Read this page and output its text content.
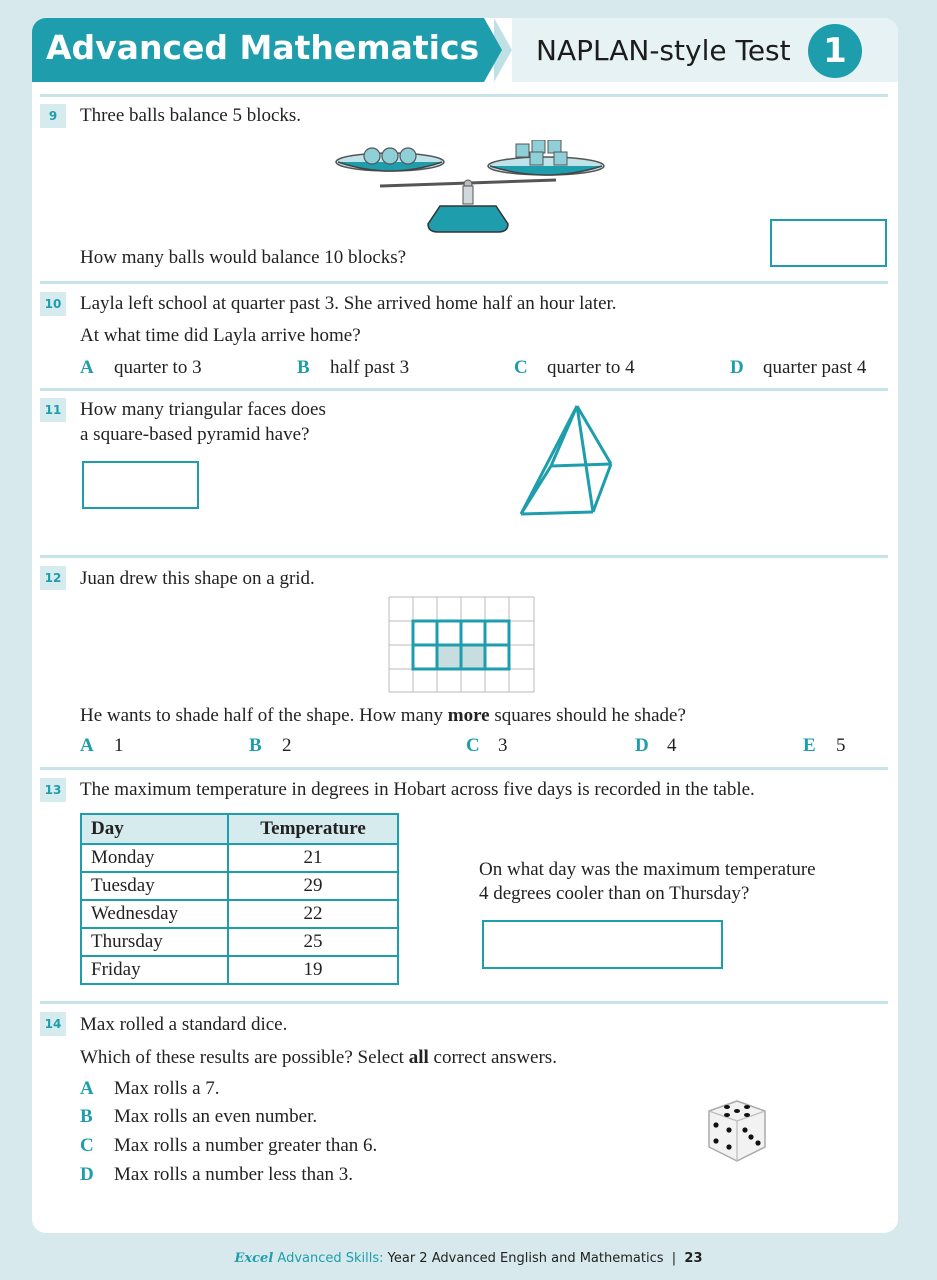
Advanced Mathematics NAPLAN-style Test 1
9	Three balls balance 5 blocks.
How many balls would balance 10 blocks?
10 Layla left school at quarter past 3. She arrived home half an hour later.
At what time did Layla arrive home?
A quarter to 3	B half past 3	C quarter to 4	D quarter past 4
11 How many triangular faces does
a square-based pyramid have?
12 Juan drew this shape on a grid.
He wants to shade half of the shape. How many more squares should he shade?
A 1	B 2	C 3	D 4	E 5
13 The maximum temperature in degrees in Hobart across five days is recorded in the table.
Day	Temperature
Monday	21
Tuesday	29
Wednesday	22
Thursday	25
Friday	19
On what day was the maximum temperature
4 degrees cooler than on Thursday?
14 Max rolled a standard dice.
Which of these results are possible? Select all correct answers.
A Max rolls a 7.
B Max rolls an even number.
C Max rolls a number greater than 6.
D Max rolls a number less than 3.
Excel Advanced Skills: Year 2 Advanced English and Mathematics | 23
